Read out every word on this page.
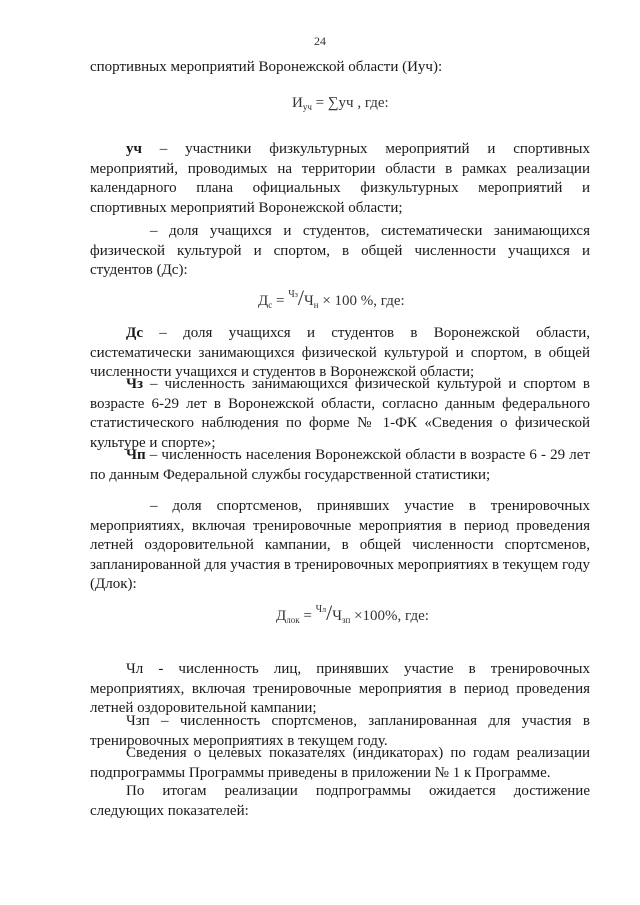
24

спортивных мероприятий Воронежской области (Иуч):

$И_{уч} = \sum уч$ , где:

уч – участники физкультурных мероприятий и спортивных мероприятий, проводимых на территории области в рамках реализации календарного плана официальных физкультурных мероприятий и спортивных мероприятий Воронежской области;

– доля учащихся и студентов, систематически занимающихся физической культурой и спортом, в общей численности учащихся и студентов (Дс):

$Д_с = ^{Чз}/Ч_н \times 100$ %, где:

Дс – доля учащихся и студентов в Воронежской области, систематически занимающихся физической культурой и спортом, в общей численности учащихся и студентов в Воронежской области;

Чз – численность занимающихся физической культурой и спортом в возрасте 6-29 лет в Воронежской области, согласно данным федерального статистического наблюдения по форме № 1-ФК «Сведения о физической культуре и спорте»;

Чп – численность населения Воронежской области в возрасте 6 - 29 лет по данным Федеральной службы государственной статистики;

– доля спортсменов, принявших участие в тренировочных мероприятиях, включая тренировочные мероприятия в период проведения летней оздоровительной кампании, в общей численности спортсменов, запланированной для участия в тренировочных мероприятиях в текущем году (Длок):

$Д_{лок} = ^{Чл}/Ч_{зп} \times 100\%$, где:

Чл - численность лиц, принявших участие в тренировочных мероприятиях, включая тренировочные мероприятия в период проведения летней оздоровительной кампании;

Чзп – численность спортсменов, запланированная для участия в тренировочных мероприятиях в текущем году.

Сведения о целевых показателях (индикаторах) по годам реализации подпрограммы Программы приведены в приложении № 1 к Программе.

По итогам реализации подпрограммы ожидается достижение следующих показателей:
